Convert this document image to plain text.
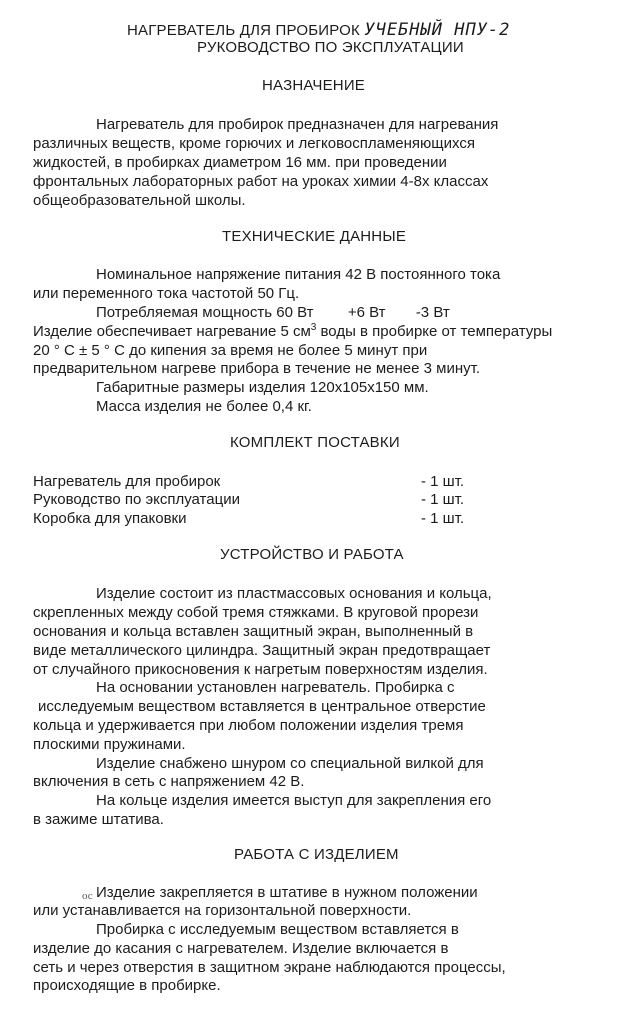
НАГРЕВАТЕЛЬ ДЛЯ ПРОБИРОК УЧЕБНЫЙ НПУ-2
РУКОВОДСТВО ПО ЭКСПЛУАТАЦИИ
НАЗНАЧЕНИЕ
Нагреватель для пробирок предназначен для нагревания
различных веществ, кроме горючих и легковоспламеняющихся
жидкостей, в пробирках диаметром 16 мм. при проведении
фронтальных лабораторных работ на уроках химии 4-8х классах
общеобразовательной школы.
ТЕХНИЧЕСКИЕ ДАННЫЕ
Номинальное напряжение питания 42 В постоянного тока
или переменного тока частотой 50 Гц.
Потребляемая мощность 60 Вт +6 Вт -3 Вт
Изделие обеспечивает нагревание 5 $см^3$ воды в пробирке от температуры
20 ° С ± 5 ° С до кипения за время не более 5 минут при
предварительном нагреве прибора в течение не менее 3 минут.
Габаритные размеры изделия 120х105х150 мм.
Масса изделия не более 0,4 кг.
КОМПЛЕКТ ПОСТАВКИ
Нагреватель для пробирок	- 1 шт.
Руководство по эксплуатации	- 1 шт.
Коробка для упаковки	- 1 шт.
УСТРОЙСТВО И РАБОТА
Изделие состоит из пластмассовых основания и кольца,
скрепленных между собой тремя стяжками. В круговой прорези
основания и кольца вставлен защитный экран, выполненный в
виде металлического цилиндра. Защитный экран предотвращает
от случайного прикосновения к нагретым поверхностям изделия.
На основании установлен нагреватель. Пробирка с
исследуемым веществом вставляется в центральное отверстие
кольца и удерживается при любом положении изделия тремя
плоскими пружинами.
Изделие снабжено шнуром со специальной вилкой для
включения в сеть с напряжением 42 В.
На кольце изделия имеется выступ для закрепления его
в зажиме штатива.
РАБОТА С ИЗДЕЛИЕМ
ос Изделие закрепляется в штативе в нужном положении
или устанавливается на горизонтальной поверхности.
Пробирка с исследуемым веществом вставляется в
изделие до касания с нагревателем. Изделие включается в
сеть и через отверстия в защитном экране наблюдаются процессы,
происходящие в пробирке.
